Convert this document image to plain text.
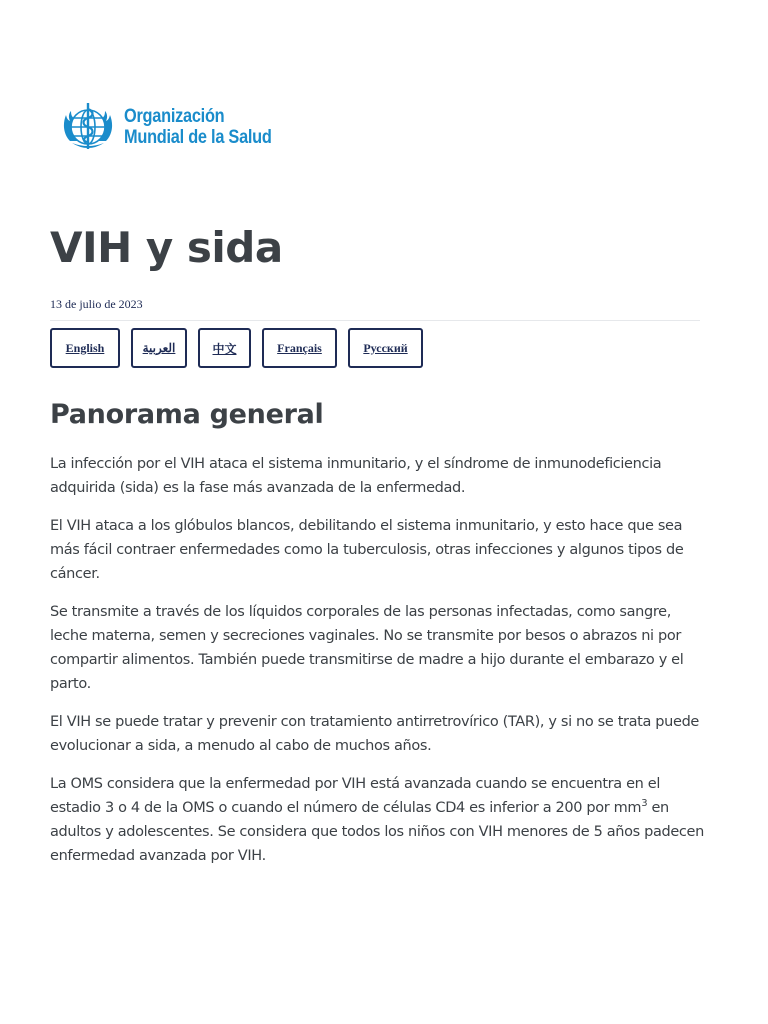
Organización
Mundial de la Salud
VIH y sida
13 de julio de 2023
English	العربية	中文	Français	Русский
Panorama general

La infección por el VIH ataca el sistema inmunitario, y el síndrome de inmunodeficiencia adquirida (sida) es la fase más avanzada de la enfermedad.

El VIH ataca a los glóbulos blancos, debilitando el sistema inmunitario, y esto hace que sea más fácil contraer enfermedades como la tuberculosis, otras infecciones y algunos tipos de cáncer.

Se transmite a través de los líquidos corporales de las personas infectadas, como sangre, leche materna, semen y secreciones vaginales. No se transmite por besos o abrazos ni por compartir alimentos. También puede transmitirse de madre a hijo durante el embarazo y el parto.

El VIH se puede tratar y prevenir con tratamiento antirretrovírico (TAR), y si no se trata puede evolucionar a sida, a menudo al cabo de muchos años.

La OMS considera que la enfermedad por VIH está avanzada cuando se encuentra en el estadio 3 o 4 de la OMS o cuando el número de células CD4 es inferior a 200 por $mm^3$ en adultos y adolescentes. Se considera que todos los niños con VIH menores de 5 años padecen enfermedad avanzada por VIH.
